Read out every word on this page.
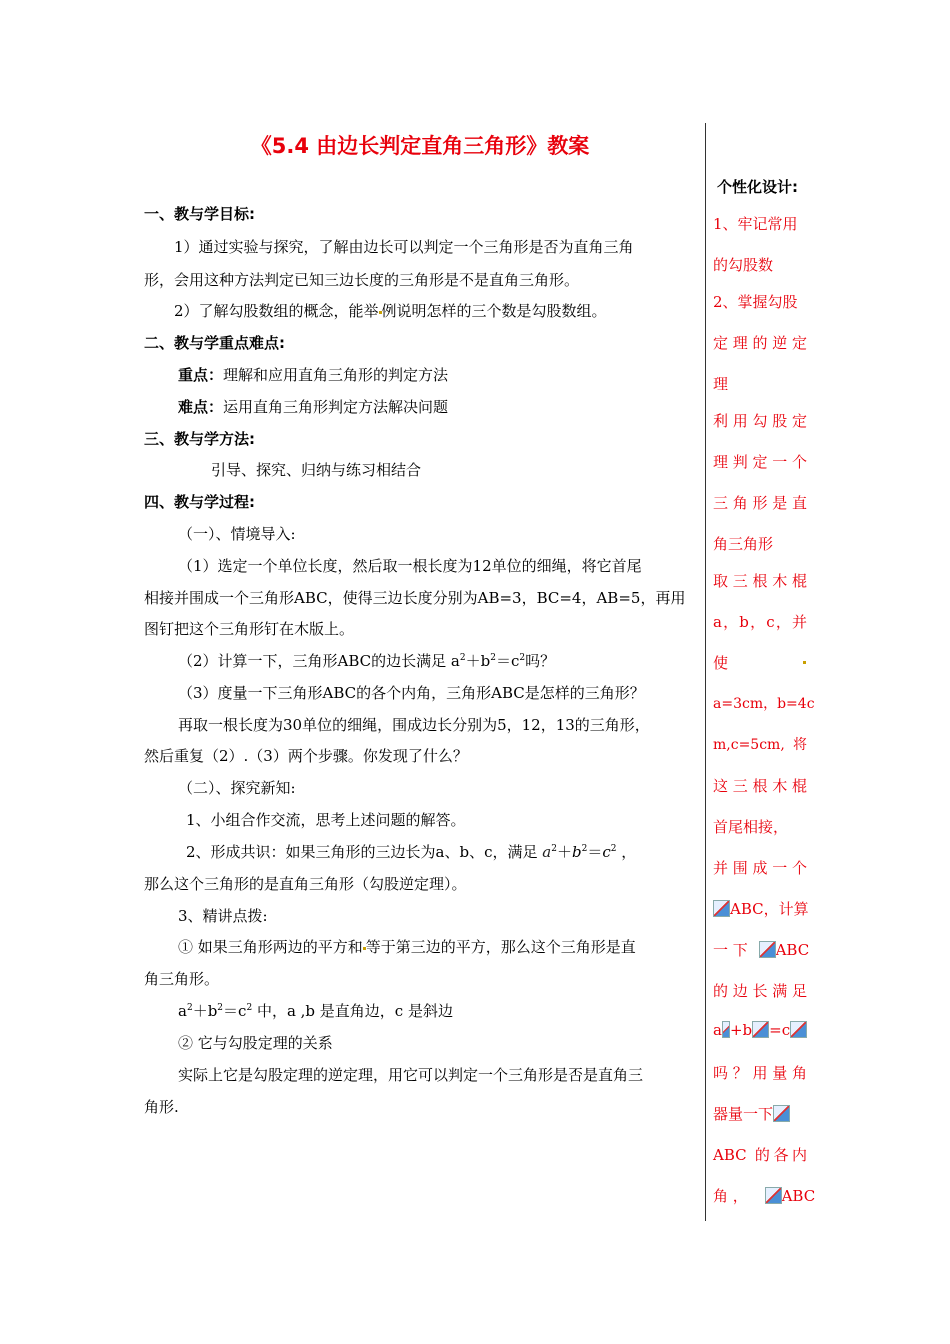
《5.4 由边长判定直角三角形》教案
一、教与学目标:
1）通过实验与探究，了解由边长可以判定一个三角形是否为直角三角
形，会用这种方法判定已知三边长度的三角形是不是直角三角形。
2）了解勾股数组的概念，能举 例说明怎样的三个数是勾股数组。
二、教与学重点难点:
重点：理解和应用直角三角形的判定方法
难点：运用直角三角形判定方法解决问题
三、教与学方法:
引导、探究、归纳与练习相结合
四、教与学过程:
（一）、情境导入:
（1）选定一个单位长度，然后取一根长度为12单位的细绳，将它首尾
相接并围成一个三角形ABC，使得三边长度分别为AB=3，BC=4，AB=5，再用
图钉把这个三角形钉在木版上。
（2）计算一下，三角形ABC的边长满足 $a^2+b^2=c^2$吗？
（3）度量一下三角形ABC的各个内角，三角形ABC是怎样的三角形？
再取一根长度为30单位的细绳，围成边长分别为5，12，13的三角形，
然后重复（2）.（3）两个步骤。你发现了什么？
（二）、探究新知:
1、小组合作交流，思考上述问题的解答。
2、形成共识：如果三角形的三边长为a、b、c，满足 $a^2+b^2=c^2$ ，
那么这个三角形的是直角三角形（勾股逆定理）。
3、精讲点拨:
① 如果三角形两边的平方和 等于第三边的平方，那么这个三角形是直
角三角形。
$a^2+b^2=c^2$ 中，a ,b 是直角边，c 是斜边
② 它与勾股定理的关系
实际上它是勾股定理的逆定理，用它可以判定一个三角形是否是直角三
角形.
个性化设计:
1、牢记常用
的勾股数
2、掌握勾股
定理的逆定
理
利用勾股定
理判定一个
三角形是直
角三角形
取三根木棍
a，b，c，并
使
a=3cm，b=4c
m,c=5cm, 将
这三根木棍
首尾相接，
并围成一个
ABC，计算
一 下 ABC
的边长满足
a +b =c
吗？用量角
器量一下
ABC 的各内
角 ， ABC
